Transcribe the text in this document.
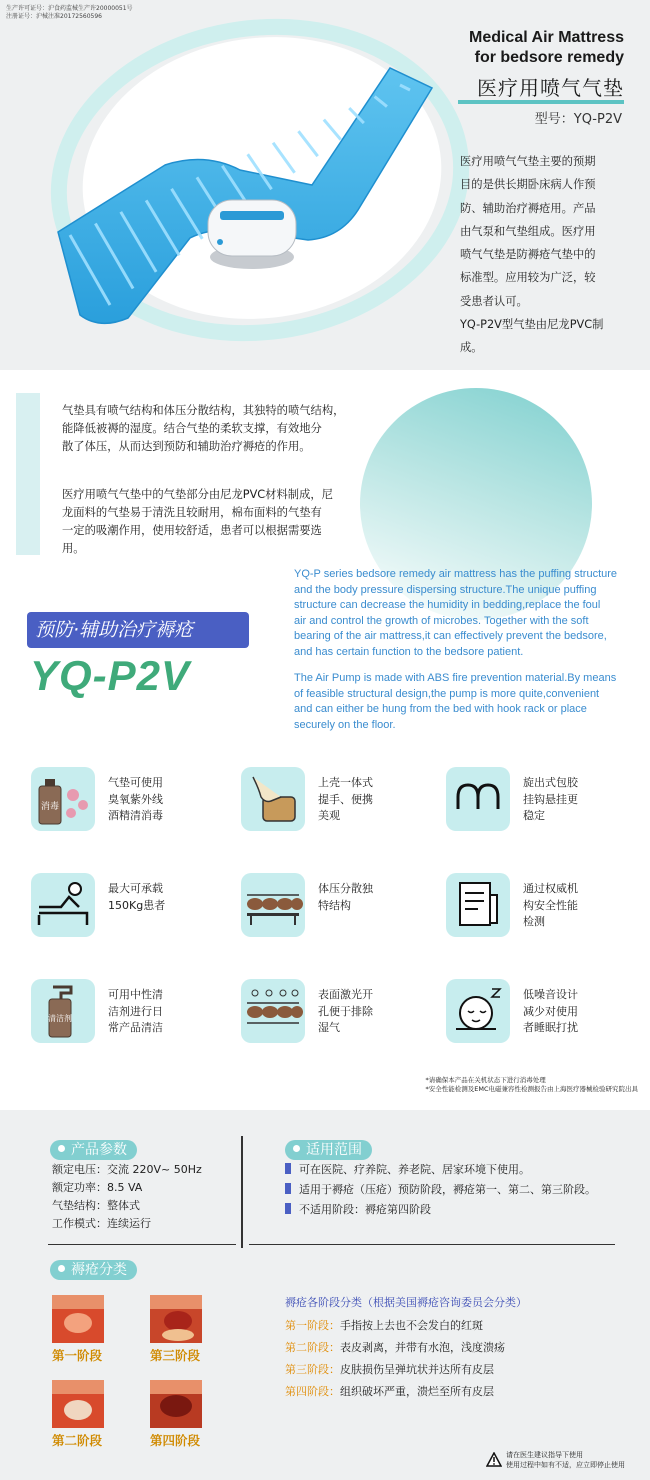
生产许可证号：沪食药监械生产许20000051号
注册证号：沪械注准20172560596
Medical Air Mattress
for bedsore remedy
医疗用喷气气垫
型号：YQ-P2V
医疗用喷气气垫主要的预期
目的是供长期卧床病人作预
防、辅助治疗褥疮用。产品
由气泵和气垫组成。医疗用
喷气气垫是防褥疮气垫中的
标准型。应用较为广泛，较
受患者认可。
YQ-P2V型气垫由尼龙PVC制
成。
气垫具有喷气结构和体压分散结构，其独特的喷气结构，
能降低被褥的湿度。结合气垫的柔软支撑，有效地分
散了体压，从而达到预防和辅助治疗褥疮的作用。
医疗用喷气气垫中的气垫部分由尼龙PVC材料制成，尼
龙面料的气垫易于清洗且较耐用，棉布面料的气垫有
一定的吸潮作用，使用较舒适，患者可以根据需要选
用。
YQ-P series bedsore remedy air mattress has the puffing structure
and the body pressure dispersing structure.The unique puffing
structure can decrease the humidity in bedding,replace the foul
air and control the growth of microbes. Together with the soft
bearing of the air mattress,it can effectively prevent the bedsore,
and has certain function to the bedsore patient.
The Air Pump is made with ABS fire prevention material.By means
of feasible structural design,the pump is more quite,convenient
and can either be hung from the bed with hook rack or place
securely on the floor.
预防·辅助治疗褥疮
YQ-P2V
消毒
气垫可使用
臭氧紫外线
酒精清消毒
上壳一体式
提手、便携
美观
旋出式包胶
挂钩悬挂更
稳定
最大可承载
150Kg患者
体压分散独
特结构
通过权威机
构安全性能
检测
清洁剂
可用中性清
洁剂进行日
常产品清洁
表面激光开
孔便于排除
湿气
低噪音设计
减少对使用
者睡眠打扰
*请确保本产品在关机状态下进行消毒处理
*安全性能检测及EMC电磁兼容性检测报告由上海医疗器械检验研究院出具
产品参数
额定电压：交流 220V~ 50Hz
额定功率：8.5 VA
气垫结构：整体式
工作模式：连续运行
适用范围
可在医院、疗养院、养老院、居家环境下使用。
适用于褥疮（压疮）预防阶段，褥疮第一、第二、第三阶段。
不适用阶段：褥疮第四阶段
褥疮分类
第一阶段	第三阶段
第二阶段	第四阶段
褥疮各阶段分类（根据美国褥疮咨询委员会分类）
第一阶段：手指按上去也不会发白的红斑
第二阶段：表皮剥离，并带有水泡，浅度溃疡
第三阶段：皮肤损伤呈弹坑状并达所有皮层
第四阶段：组织破坏严重，溃烂至所有皮层
请在医生建议指导下使用
使用过程中如有不适，应立即停止使用
